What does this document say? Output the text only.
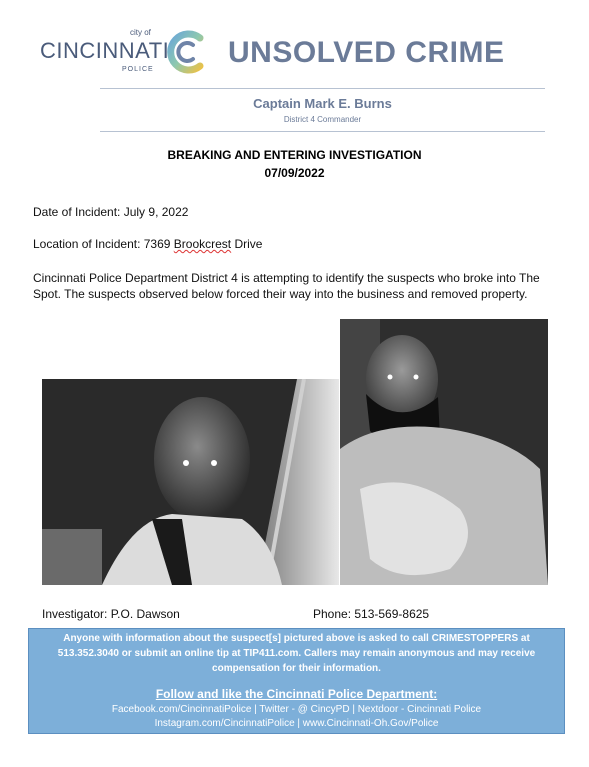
city of
CINCINNATI
POLICE
UNSOLVED CRIME
Captain Mark E. Burns
District 4 Commander
BREAKING AND ENTERING INVESTIGATION
07/09/2022
Date of Incident: July 9, 2022
Location of Incident: 7369 Brookcrest Drive
Cincinnati Police Department District 4 is attempting to identify the suspects who broke into The Spot. The suspects observed below forced their way into the business and removed property.
Investigator: P.O. Dawson	Phone: 513-569-8625
Anyone with information about the suspect[s] pictured above is asked to call CRIMESTOPPERS at 513.352.3040 or submit an online tip at TIP411.com. Callers may remain anonymous and may receive compensation for their information.
Follow and like the Cincinnati Police Department:
Facebook.com/CincinnatiPolice | Twitter - @ CincyPD | Nextdoor - Cincinnati Police
Instagram.com/CincinnatiPolice | www.Cincinnati-Oh.Gov/Police
